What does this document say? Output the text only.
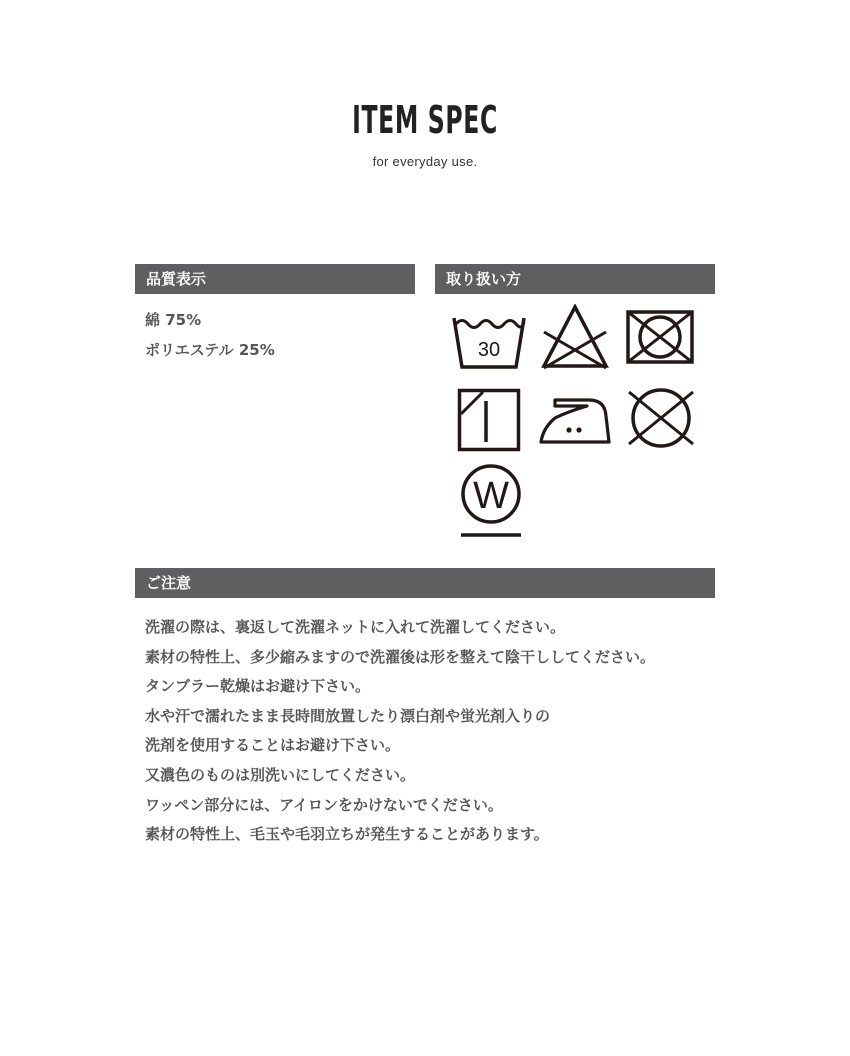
ITEM SPEC
for everyday use.
品質表示	取り扱い方
綿 75%
ポリエステル 25%	30
W
ご注意
洗濯の際は、裏返して洗濯ネットに入れて洗濯してください。
素材の特性上、多少縮みますので洗濯後は形を整えて陰干ししてください。
タンブラー乾燥はお避け下さい。
水や汗で濡れたまま長時間放置したり漂白剤や蛍光剤入りの
洗剤を使用することはお避け下さい。
又濃色のものは別洗いにしてください。
ワッペン部分には、アイロンをかけないでください。
素材の特性上、毛玉や毛羽立ちが発生することがあります。
